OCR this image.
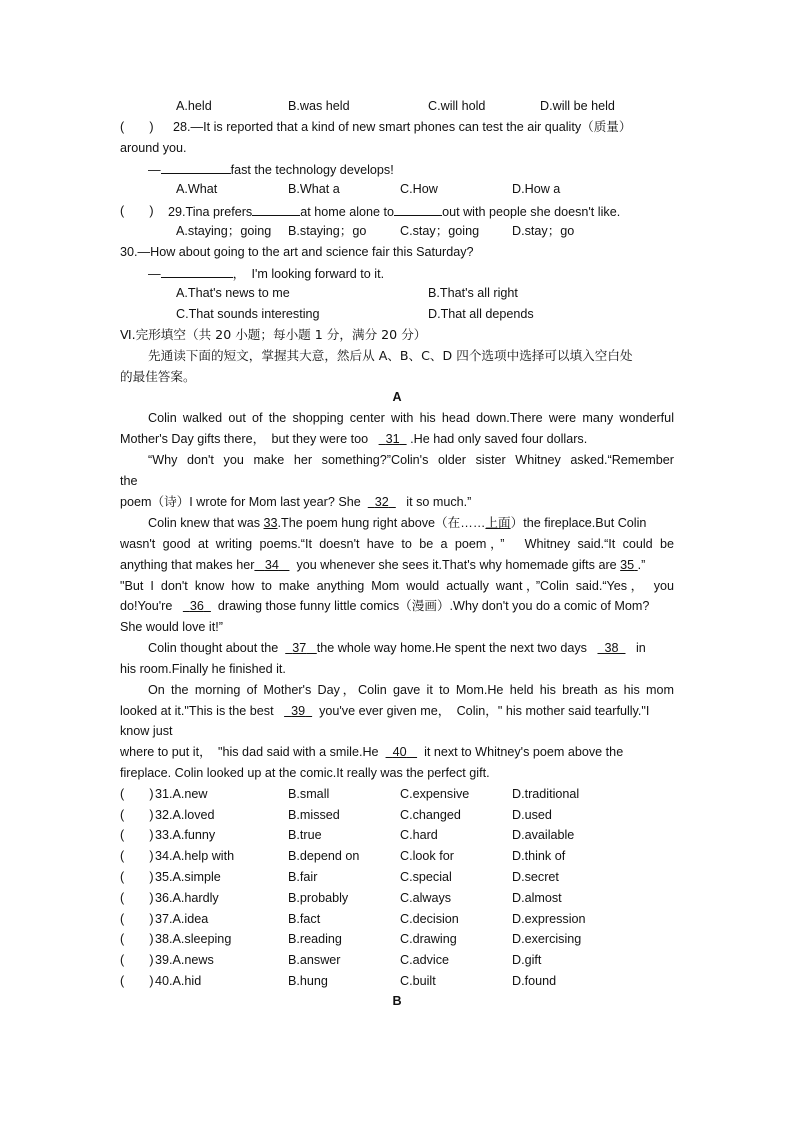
A.held	B.was held	C.will hold	D.will be held
(　　) 28.—It is reported that a kind of new smart phones can test the air quality（质量）
around you.
—	fast the technology develops!
A.What	B.What a	C.How	D.How a
(　　) 29.Tina prefers	at home alone to	out with people she doesn't like.
A.staying；going B.staying；go	C.stay；going	D.stay；go
30.—How about going to the art and science fair this Saturday?
—	，　I'm looking forward to it.
A.That's news to me	B.That's all right
C.That sounds interesting	D.That all depends
Ⅵ.完形填空（共 20 小题；每小题 1 分，满分 20 分）
先通读下面的短文，掌握其大意，然后从 A、B、C、D 四个选项中选择可以填入空白处
的最佳答案。
A
Colin walked out of the shopping center with his head down.There were many wonderful
Mother's Day gifts there，　but they were too 31 .He had only saved four dollars.
“Why don't you make her something?”Colin's older sister Whitney asked.“Remember
the
poem（诗）I wrote for Mom last year? She 32 it so much.”
Colin knew that was 33.The poem hung right above（在……上面）the fireplace.But Colin
wasn't good at writing poems.“It doesn't have to be a poem，”　Whitney said.“It could be
anything that makes her 34 you whenever she sees it.That's why homemade gifts are 35 .”
"But I don't know how to make anything Mom would actually want，”Colin said.“Yes， you
do!You're 36 drawing those funny little comics（漫画）.Why don't you do a comic of Mom?
She would love it!”
Colin thought about the 37 the whole way home.He spent the next two days 38 in
his room.Finally he finished it.
On the morning of Mother's Day，Colin gave it to Mom.He held his breath as his mom
looked at it."This is the best 39 you've ever given me，　Colin，" his mother said tearfully."I
know just
where to put it，　"his dad said with a smile.He 40 it next to Whitney's poem above the
fireplace. Colin looked up at the comic.It really was the perfect gift.
(　　) 31.A.new	B.small	C.expensive	D.traditional
(　　) 32.A.loved	B.missed	C.changed	D.used
(　　) 33.A.funny	B.true	C.hard	D.available
(　　) 34.A.help with	B.depend on	C.look for	D.think of
(　　) 35.A.simple	B.fair	C.special	D.secret
(　　) 36.A.hardly	B.probably	C.always	D.almost
(　　) 37.A.idea	B.fact	C.decision	D.expression
(　　) 38.A.sleeping	B.reading	C.drawing	D.exercising
(　　) 39.A.news	B.answer	C.advice	D.gift
(　　) 40.A.hid	B.hung	C.built	D.found
B
